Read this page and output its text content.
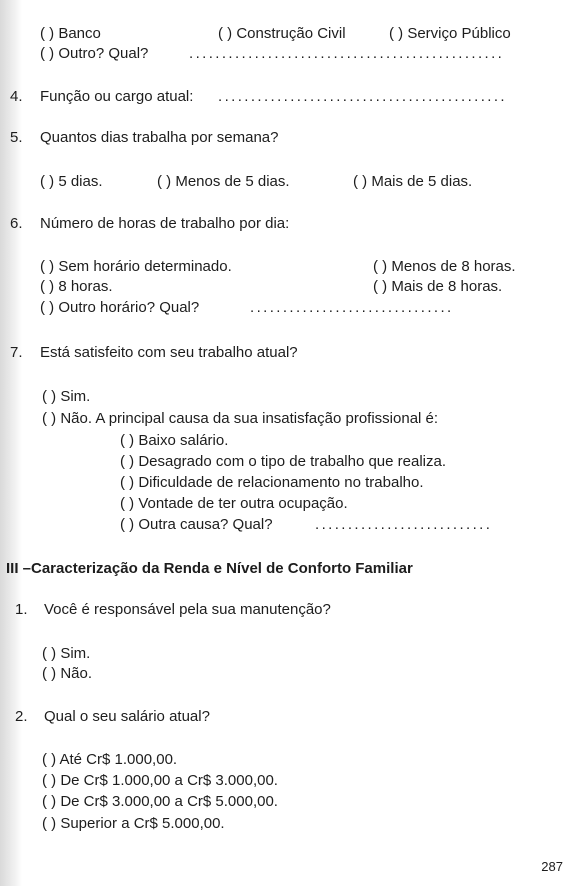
( ) Banco	( ) Construção Civil	( ) Serviço Público
( ) Outro? Qual?	................................................
4. Função ou cargo atual: ............................................
5. Quantos dias trabalha por semana?
( ) 5 dias.	( ) Menos de 5 dias.	( ) Mais de 5 dias.
6. Número de horas de trabalho por dia:
( ) Sem horário determinado.	( ) Menos de 8 horas.
( ) 8 horas.	( ) Mais de 8 horas.
( ) Outro horário? Qual?	...............................
7. Está satisfeito com seu trabalho atual?
( ) Sim.
( ) Não. A principal causa da sua insatisfação profissional é:
( ) Baixo salário.
( ) Desagrado com o tipo de trabalho que realiza.
( ) Dificuldade de relacionamento no trabalho.
( ) Vontade de ter outra ocupação.
( ) Outra causa? Qual?	...........................
III –Caracterização da Renda e Nível de Conforto Familiar
1. Você é responsável pela sua manutenção?
( ) Sim.
( ) Não.
2. Qual o seu salário atual?
( ) Até Cr$ 1.000,00.
( ) De Cr$ 1.000,00 a Cr$ 3.000,00.
( ) De Cr$ 3.000,00 a Cr$ 5.000,00.
( ) Superior a Cr$ 5.000,00.
287
